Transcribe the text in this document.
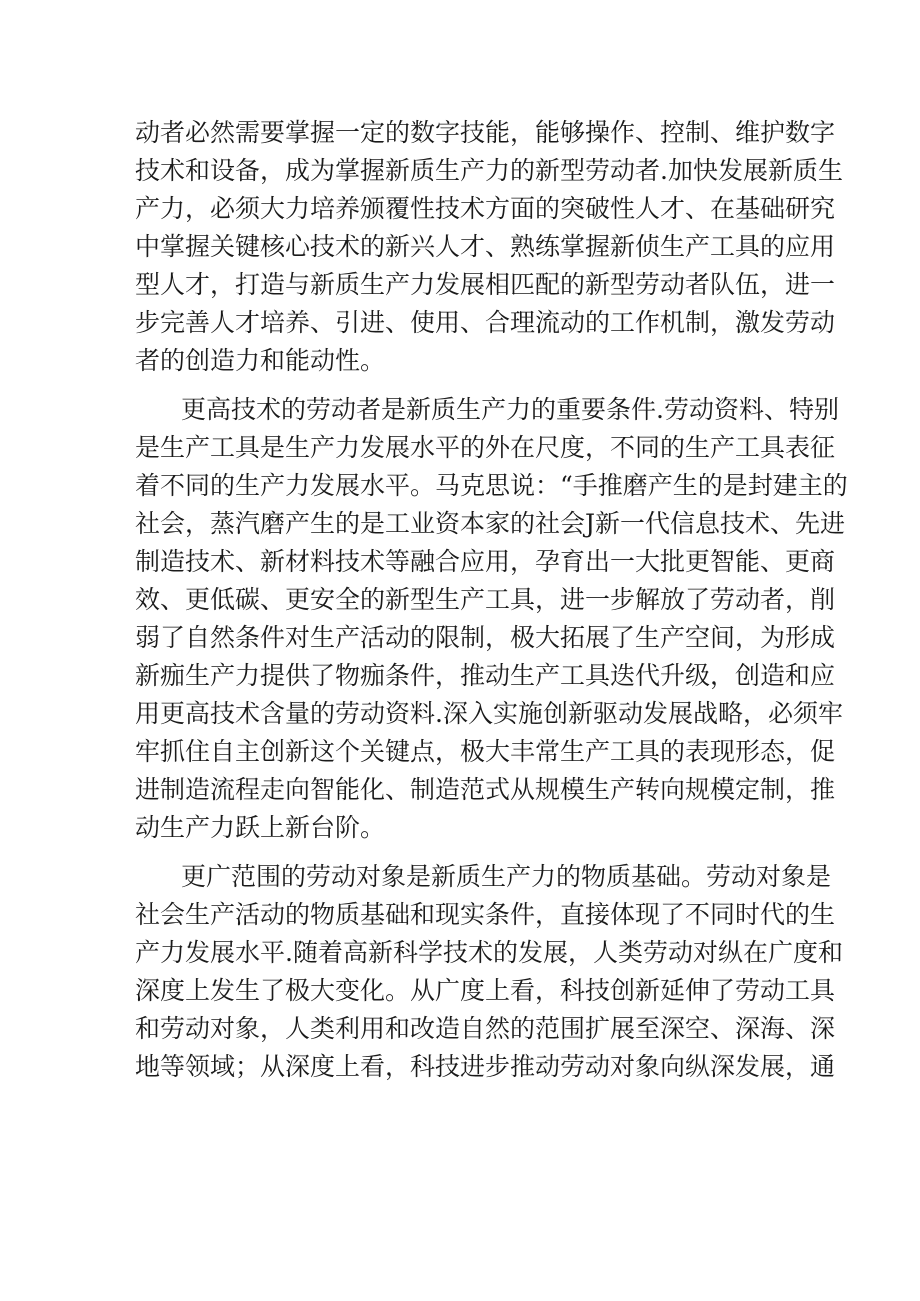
动者必然需要掌握一定的数字技能，能够操作、控制、维护数字
技术和设备，成为掌握新质生产力的新型劳动者.加快发展新质生
产力，必须大力培养颁覆性技术方面的突破性人才、在基础研究
中掌握关键核心技术的新兴人才、熟练掌握新侦生产工具的应用
型人才，打造与新质生产力发展相匹配的新型劳动者队伍，进一
步完善人才培养、引进、使用、合理流动的工作机制，激发劳动
者的创造力和能动性。
更高技术的劳动者是新质生产力的重要条件.劳动资料、特别
是生产工具是生产力发展水平的外在尺度，不同的生产工具表征
着不同的生产力发展水平。马克思说：“手推磨产生的是封建主的
社会，蒸汽磨产生的是工业资本家的社会J新一代信息技术、先进
制造技术、新材料技术等融合应用，孕育出一大批更智能、更商
效、更低碳、更安全的新型生产工具，进一步解放了劳动者，削
弱了自然条件对生产活动的限制，极大拓展了生产空间，为形成
新痂生产力提供了物痂条件，推动生产工具迭代升级，创造和应
用更高技术含量的劳动资料.深入实施创新驱动发展战略，必须牢
牢抓住自主创新这个关键点，极大丰常生产工具的表现形态，促
进制造流程走向智能化、制造范式从规模生产转向规模定制，推
动生产力跃上新台阶。
更广范围的劳动对象是新质生产力的物质基础。劳动对象是
社会生产活动的物质基础和现实条件，直接体现了不同时代的生
产力发展水平.随着高新科学技术的发展，人类劳动对纵在广度和
深度上发生了极大变化。从广度上看，科技创新延伸了劳动工具
和劳动对象，人类利用和改造自然的范围扩展至深空、深海、深
地等领域；从深度上看，科技进步推动劳动对象向纵深发展，通
